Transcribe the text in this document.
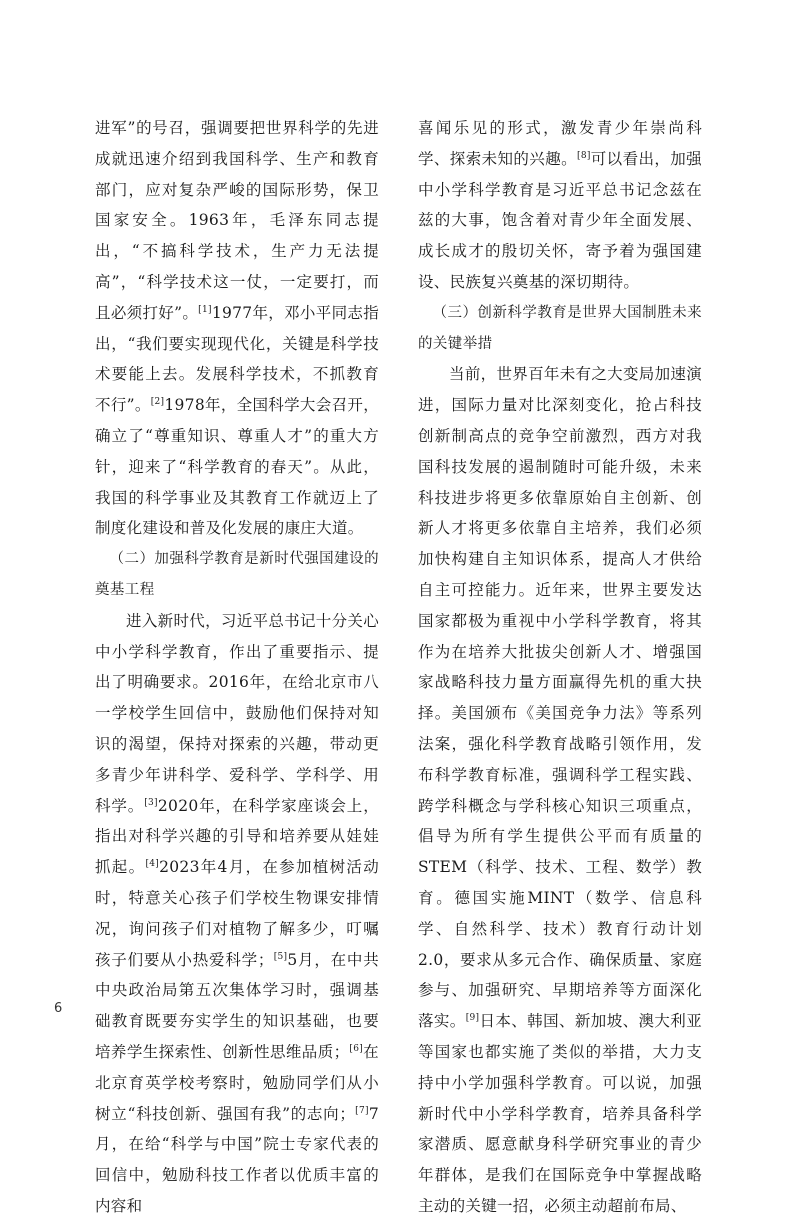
进军”的号召，强调要把世界科学的先进成就迅速介绍到我国科学、生产和教育部门，应对复杂严峻的国际形势，保卫国家安全。1963年，毛泽东同志提出，“不搞科学技术，生产力无法提高”，“科学技术这一仗，一定要打，而且必须打好”。[1]1977年，邓小平同志指出，“我们要实现现代化，关键是科学技术要能上去。发展科学技术，不抓教育不行”。[2]1978年，全国科学大会召开，确立了“尊重知识、尊重人才”的重大方针，迎来了“科学教育的春天”。从此，我国的科学事业及其教育工作就迈上了制度化建设和普及化发展的康庄大道。

（二）加强科学教育是新时代强国建设的奠基工程

进入新时代，习近平总书记十分关心中小学科学教育，作出了重要指示、提出了明确要求。2016年，在给北京市八一学校学生回信中，鼓励他们保持对知识的渴望，保持对探索的兴趣，带动更多青少年讲科学、爱科学、学科学、用科学。[3]2020年，在科学家座谈会上，指出对科学兴趣的引导和培养要从娃娃抓起。[4]2023年4月，在参加植树活动时，特意关心孩子们学校生物课安排情况，询问孩子们对植物了解多少，叮嘱孩子们要从小热爱科学；[5]5月，在中共中央政治局第五次集体学习时，强调基础教育既要夯实学生的知识基础，也要培养学生探索性、创新性思维品质；[6]在北京育英学校考察时，勉励同学们从小树立“科技创新、强国有我”的志向；[7]7月，在给“科学与中国”院士专家代表的回信中，勉励科技工作者以优质丰富的内容和

喜闻乐见的形式，激发青少年崇尚科学、探索未知的兴趣。[8]可以看出，加强中小学科学教育是习近平总书记念兹在兹的大事，饱含着对青少年全面发展、成长成才的殷切关怀，寄予着为强国建设、民族复兴奠基的深切期待。

（三）创新科学教育是世界大国制胜未来的关键举措

当前，世界百年未有之大变局加速演进，国际力量对比深刻变化，抢占科技创新制高点的竞争空前激烈，西方对我国科技发展的遏制随时可能升级，未来科技进步将更多依靠原始自主创新、创新人才将更多依靠自主培养，我们必须加快构建自主知识体系，提高人才供给自主可控能力。近年来，世界主要发达国家都极为重视中小学科学教育，将其作为在培养大批拔尖创新人才、增强国家战略科技力量方面赢得先机的重大抉择。美国颁布《美国竞争力法》等系列法案，强化科学教育战略引领作用，发布科学教育标准，强调科学工程实践、跨学科概念与学科核心知识三项重点，倡导为所有学生提供公平而有质量的STEM（科学、技术、工程、数学）教育。德国实施MINT（数学、信息科学、自然科学、技术）教育行动计划2.0，要求从多元合作、确保质量、家庭参与、加强研究、早期培养等方面深化落实。[9]日本、韩国、新加坡、澳大利亚等国家也都实施了类似的举措，大力支持中小学加强科学教育。可以说，加强新时代中小学科学教育，培养具备科学家潜质、愿意献身科学研究事业的青少年群体，是我们在国际竞争中掌握战略主动的关键一招，必须主动超前布局、

6
